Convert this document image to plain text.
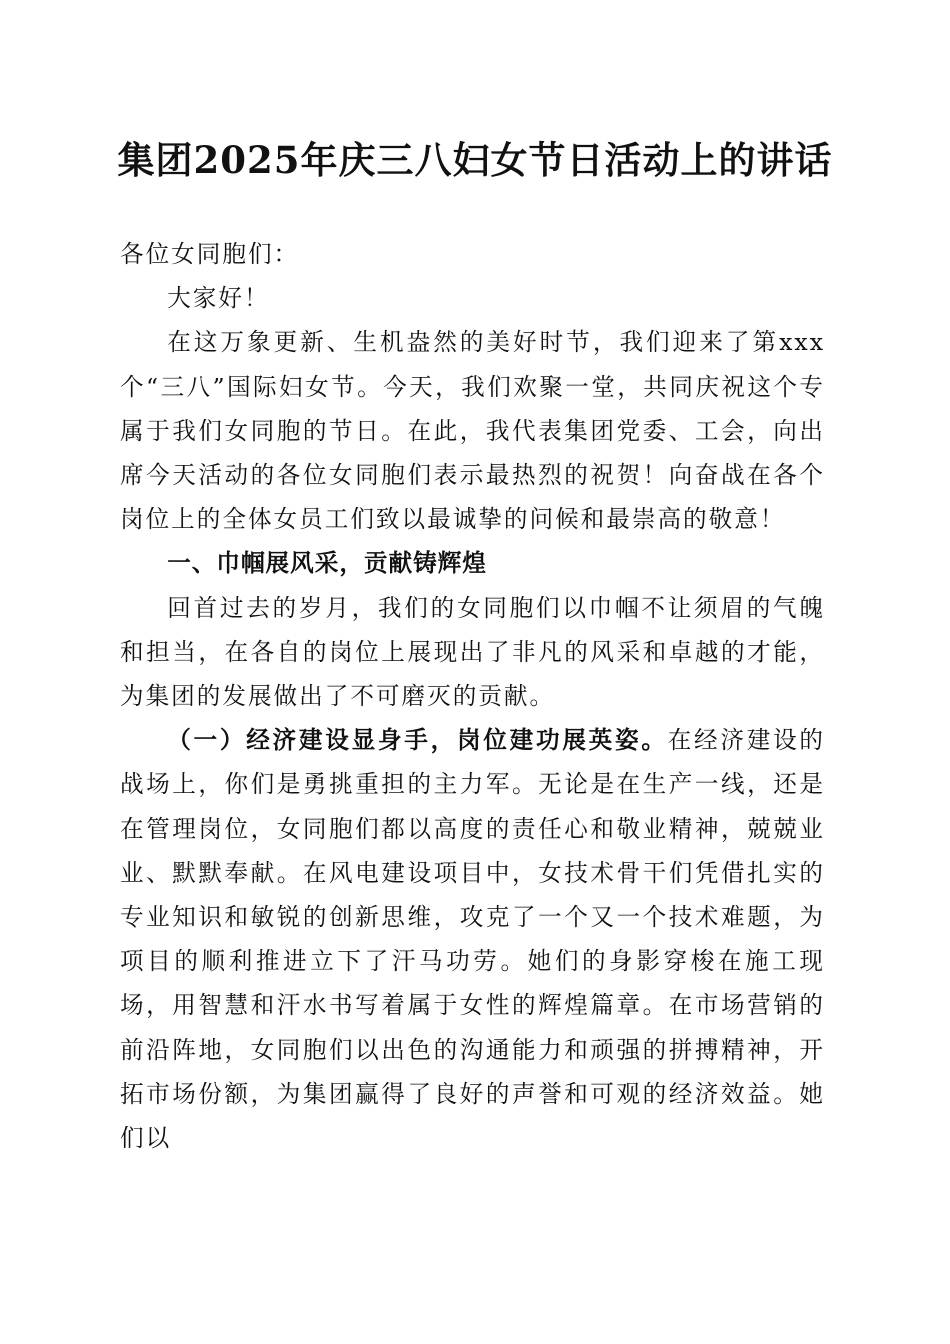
集团2025年庆三八妇女节日活动上的讲话

各位女同胞们：

大家好！

在这万象更新、生机盎然的美好时节，我们迎来了第xxx个“三八”国际妇女节。今天，我们欢聚一堂，共同庆祝这个专属于我们女同胞的节日。在此，我代表集团党委、工会，向出席今天活动的各位女同胞们表示最热烈的祝贺！向奋战在各个岗位上的全体女员工们致以最诚挚的问候和最崇高的敬意！

一、巾帼展风采，贡献铸辉煌

回首过去的岁月，我们的女同胞们以巾帼不让须眉的气魄和担当，在各自的岗位上展现出了非凡的风采和卓越的才能，为集团的发展做出了不可磨灭的贡献。

（一）经济建设显身手，岗位建功展英姿。在经济建设的战场上，你们是勇挑重担的主力军。无论是在生产一线，还是在管理岗位，女同胞们都以高度的责任心和敬业精神，兢兢业业、默默奉献。在风电建设项目中，女技术骨干们凭借扎实的专业知识和敏锐的创新思维，攻克了一个又一个技术难题，为项目的顺利推进立下了汗马功劳。她们的身影穿梭在施工现场，用智慧和汗水书写着属于女性的辉煌篇章。在市场营销的前沿阵地，女同胞们以出色的沟通能力和顽强的拼搏精神，开拓市场份额，为集团赢得了良好的声誉和可观的经济效益。她们以
